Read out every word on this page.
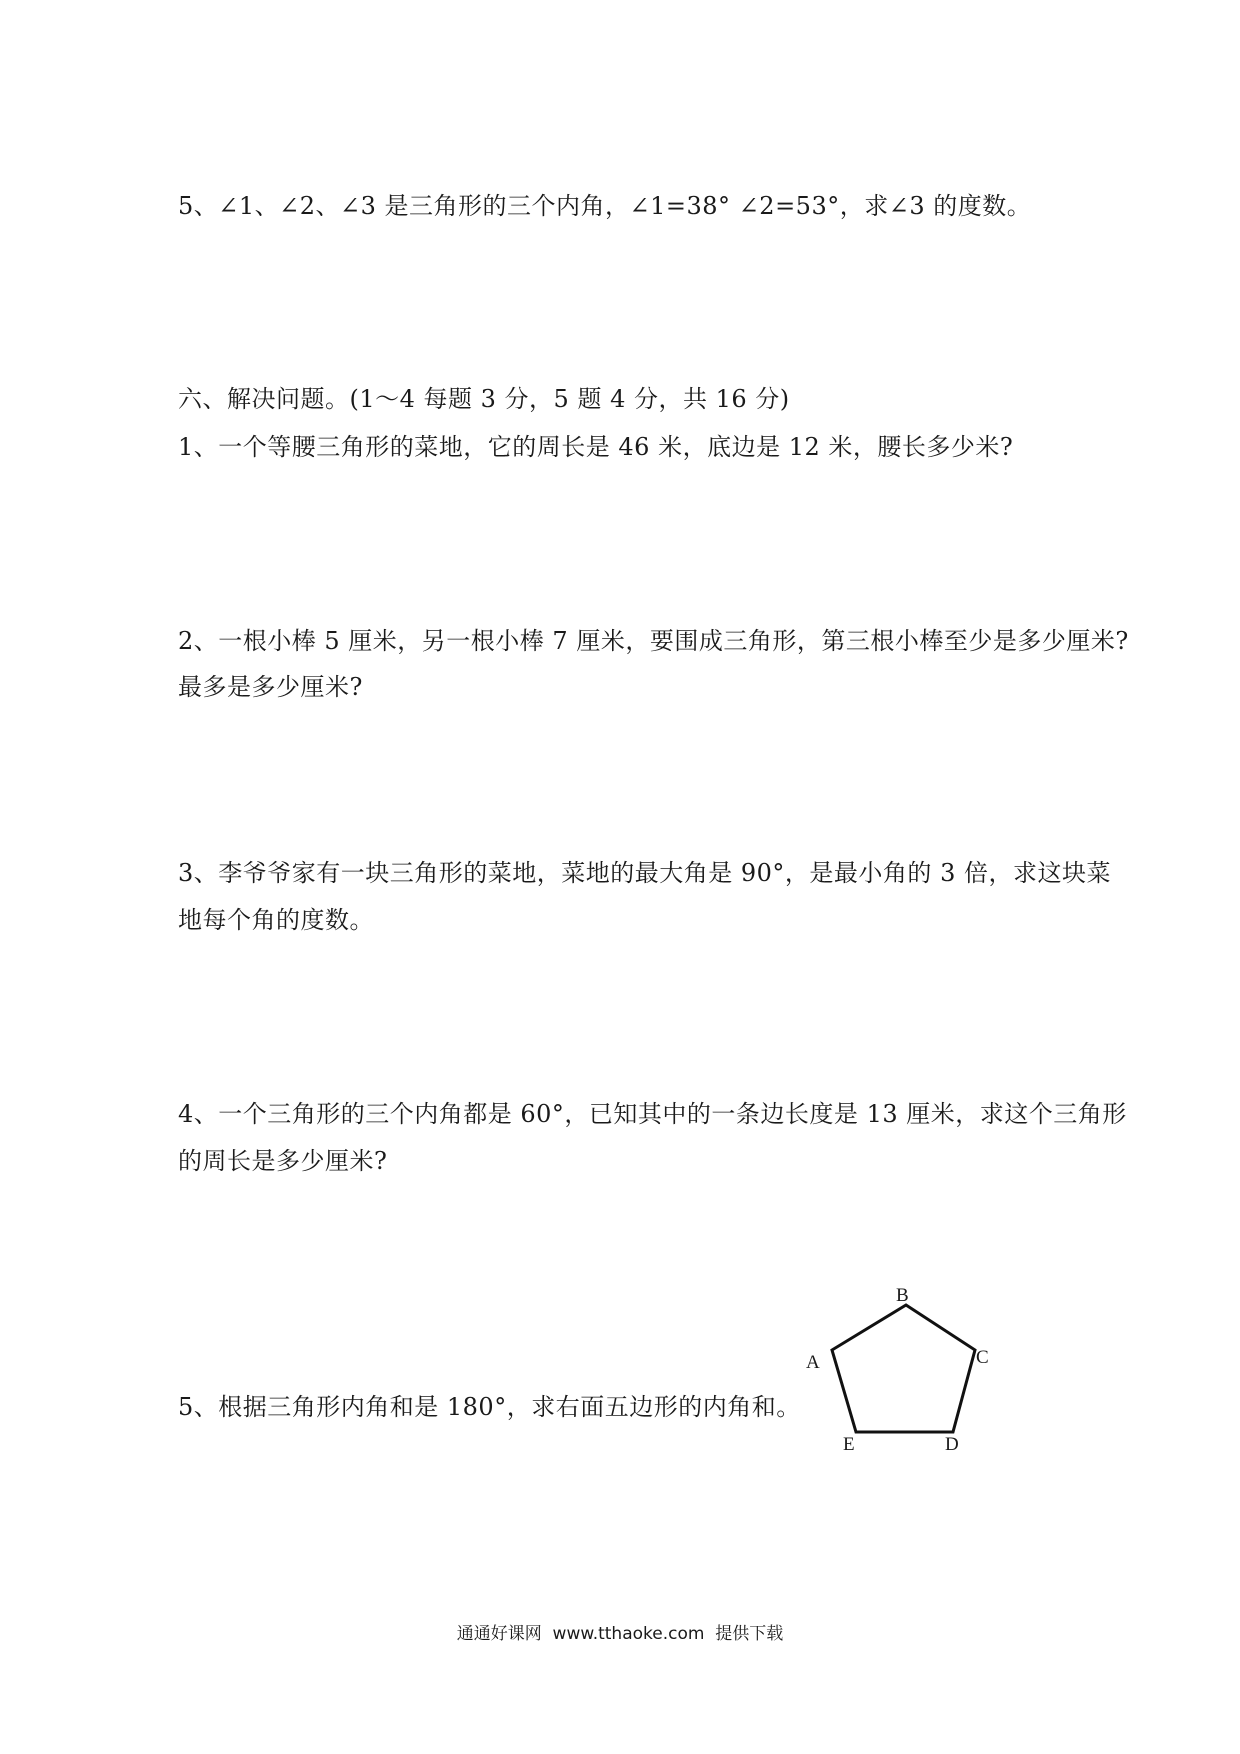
5、∠1、∠2、∠3 是三角形的三个内角，∠1=38° ∠2=53°，求∠3 的度数。
六、解决问题。(1～4 每题 3 分，5 题 4 分，共 16 分)
1、一个等腰三角形的菜地，它的周长是 46 米，底边是 12 米，腰长多少米?
2、一根小棒 5 厘米，另一根小棒 7 厘米，要围成三角形，第三根小棒至少是多少厘米?
最多是多少厘米?
3、李爷爷家有一块三角形的菜地，菜地的最大角是 90°，是最小角的 3 倍，求这块菜
地每个角的度数。
4、一个三角形的三个内角都是 60°，已知其中的一条边长度是 13 厘米，求这个三角形
的周长是多少厘米?
5、根据三角形内角和是 180°，求右面五边形的内角和。
B
A	C
E	D
通通好课网  www.tthaoke.com  提供下载
